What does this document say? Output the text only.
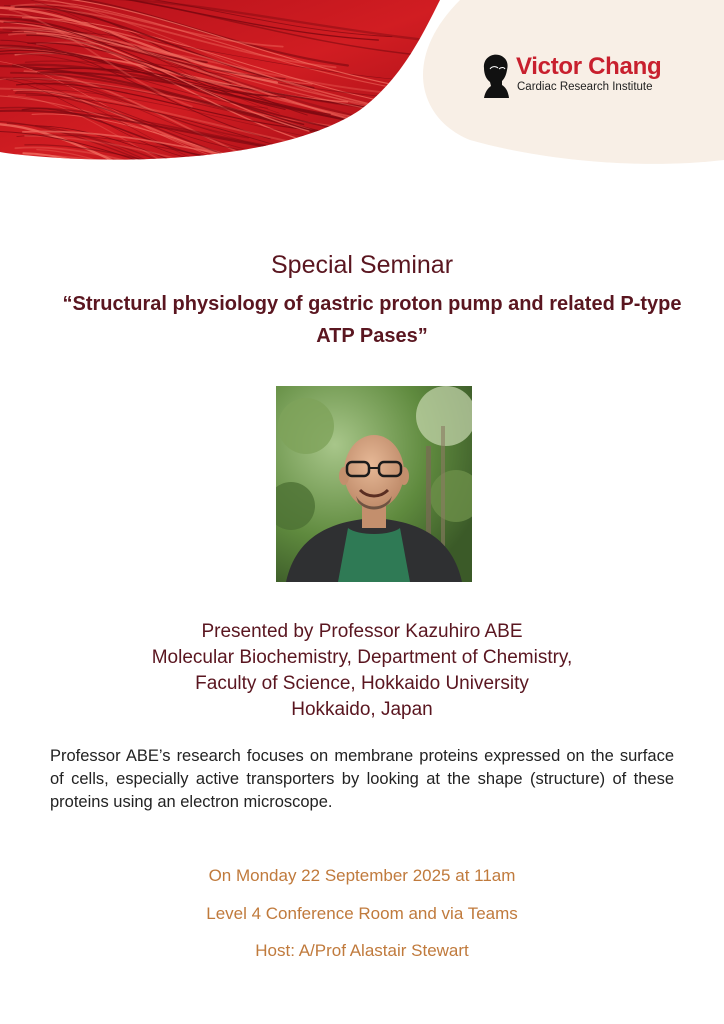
Victor Chang
Cardiac Research Institute
Special Seminar
“Structural physiology of gastric proton pump and related P-type ATP Pases”
Presented by Professor Kazuhiro ABE
Molecular Biochemistry, Department of Chemistry,
Faculty of Science, Hokkaido University
Hokkaido, Japan
Professor ABE’s research focuses on membrane proteins expressed on the surface of cells, especially active transporters by looking at the shape (structure) of these proteins using an electron microscope.
On Monday 22 September 2025 at 11am
Level 4 Conference Room and via Teams
Host: A/Prof Alastair Stewart
